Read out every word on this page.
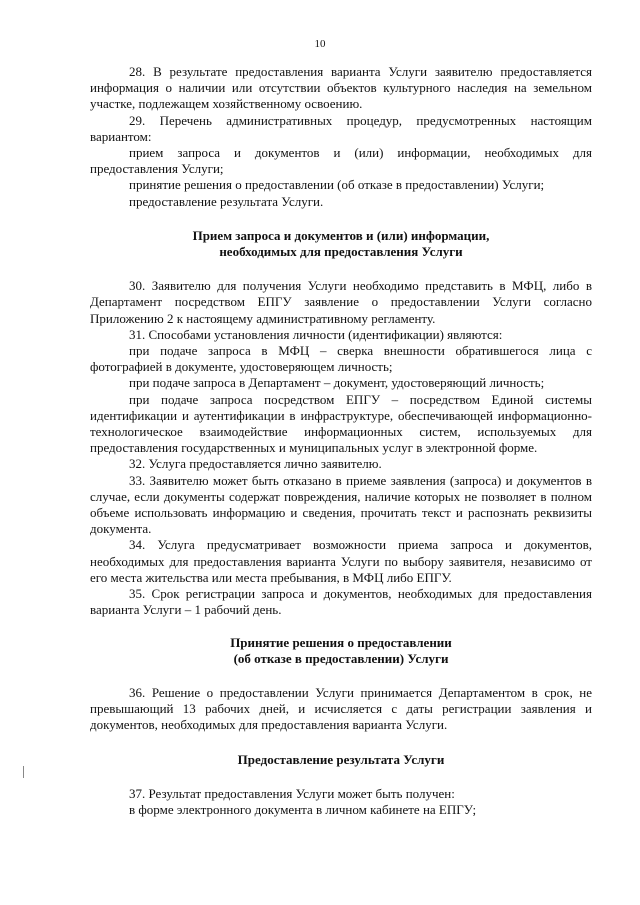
10

28. В результате предоставления варианта Услуги заявителю предоставляется информация о наличии или отсутствии объектов культурного наследия на земельном участке, подлежащем хозяйственному освоению.

29. Перечень административных процедур, предусмотренных настоящим вариантом:

прием запроса и документов и (или) информации, необходимых для предоставления Услуги;

принятие решения о предоставлении (об отказе в предоставлении) Услуги;

предоставление результата Услуги.

Прием запроса и документов и (или) информации,
необходимых для предоставления Услуги

30. Заявителю для получения Услуги необходимо представить в МФЦ, либо в Департамент посредством ЕПГУ заявление о предоставлении Услуги согласно Приложению 2 к настоящему административному регламенту.

31. Способами установления личности (идентификации) являются:

при подаче запроса в МФЦ – сверка внешности обратившегося лица с фотографией в документе, удостоверяющем личность;

при подаче запроса в Департамент – документ, удостоверяющий личность;

при подаче запроса посредством ЕПГУ – посредством Единой системы идентификации и аутентификации в инфраструктуре, обеспечивающей информационно-технологическое взаимодействие информационных систем, используемых для предоставления государственных и муниципальных услуг в электронной форме.

32. Услуга предоставляется лично заявителю.

33. Заявителю может быть отказано в приеме заявления (запроса) и документов в случае, если документы содержат повреждения, наличие которых не позволяет в полном объеме использовать информацию и сведения, прочитать текст и распознать реквизиты документа.

34. Услуга предусматривает возможности приема запроса и документов, необходимых для предоставления варианта Услуги по выбору заявителя, независимо от его места жительства или места пребывания, в МФЦ либо ЕПГУ.

35. Срок регистрации запроса и документов, необходимых для предоставления варианта Услуги – 1 рабочий день.

Принятие решения о предоставлении
(об отказе в предоставлении) Услуги

36. Решение о предоставлении Услуги принимается Департаментом в срок, не превышающий 13 рабочих дней, и исчисляется с даты регистрации заявления и документов, необходимых для предоставления варианта Услуги.

Предоставление результата Услуги

37. Результат предоставления Услуги может быть получен:

в форме электронного документа в личном кабинете на ЕПГУ;
